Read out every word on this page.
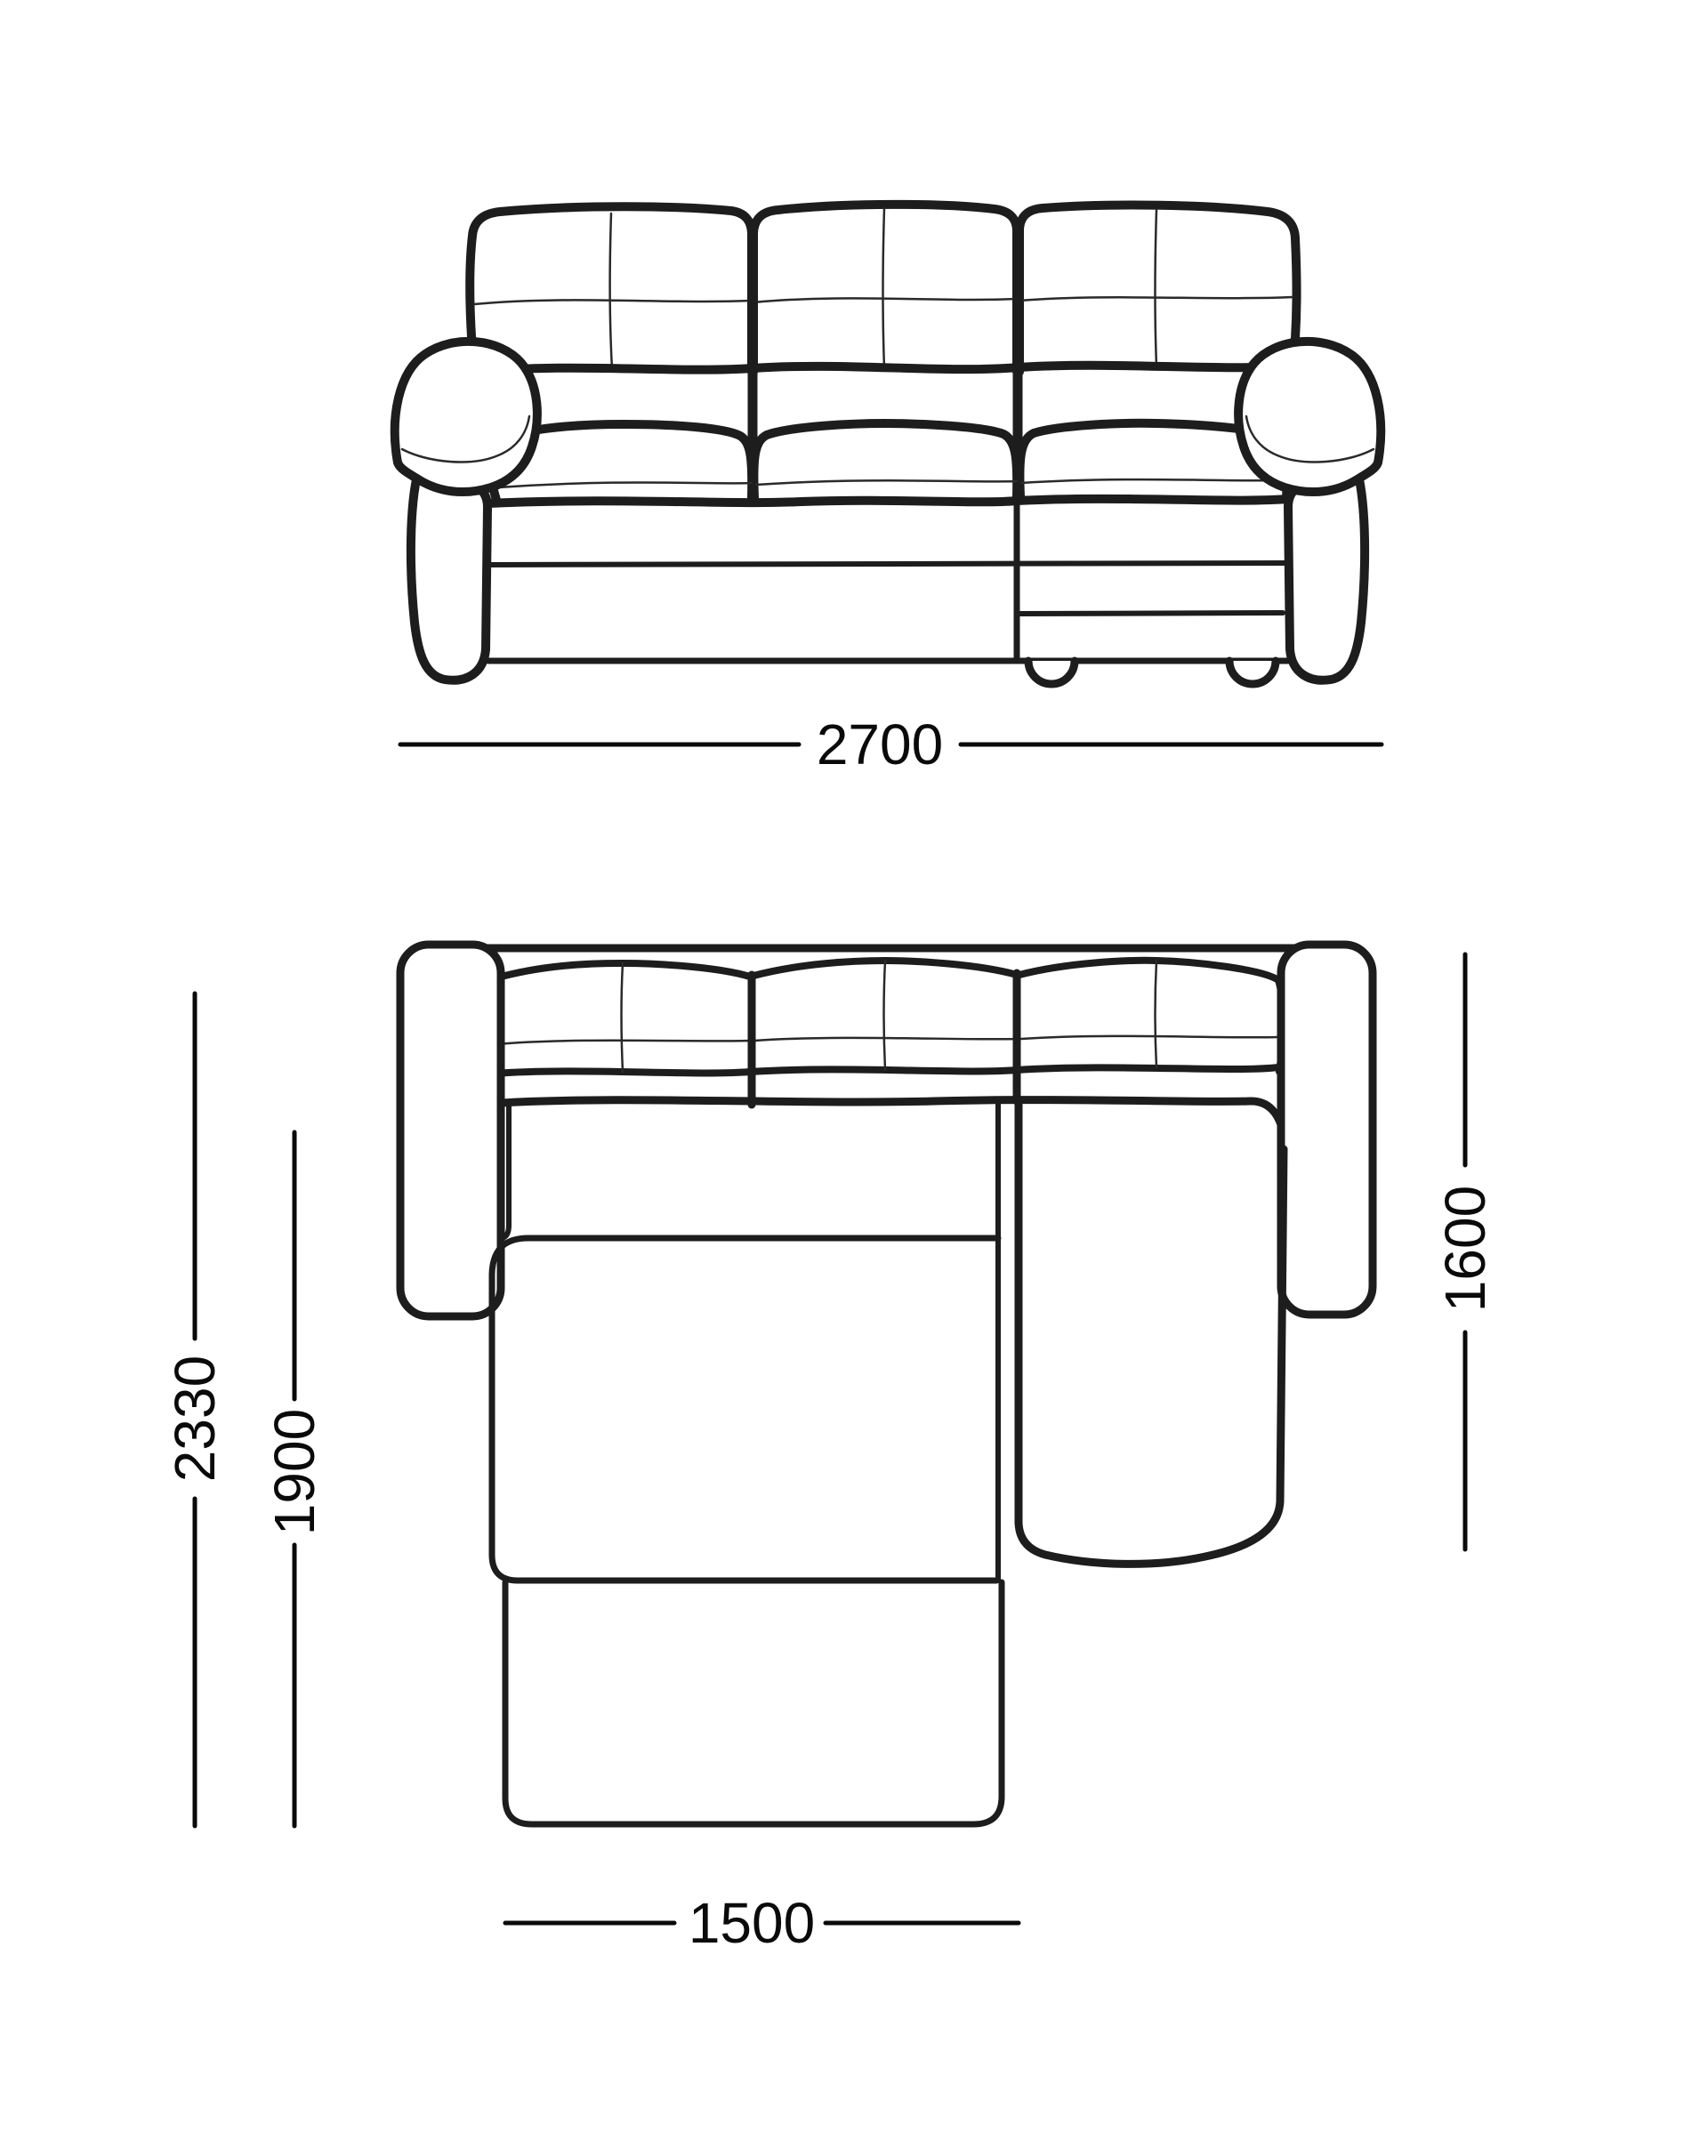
2700
2330 1900
1600
1500
